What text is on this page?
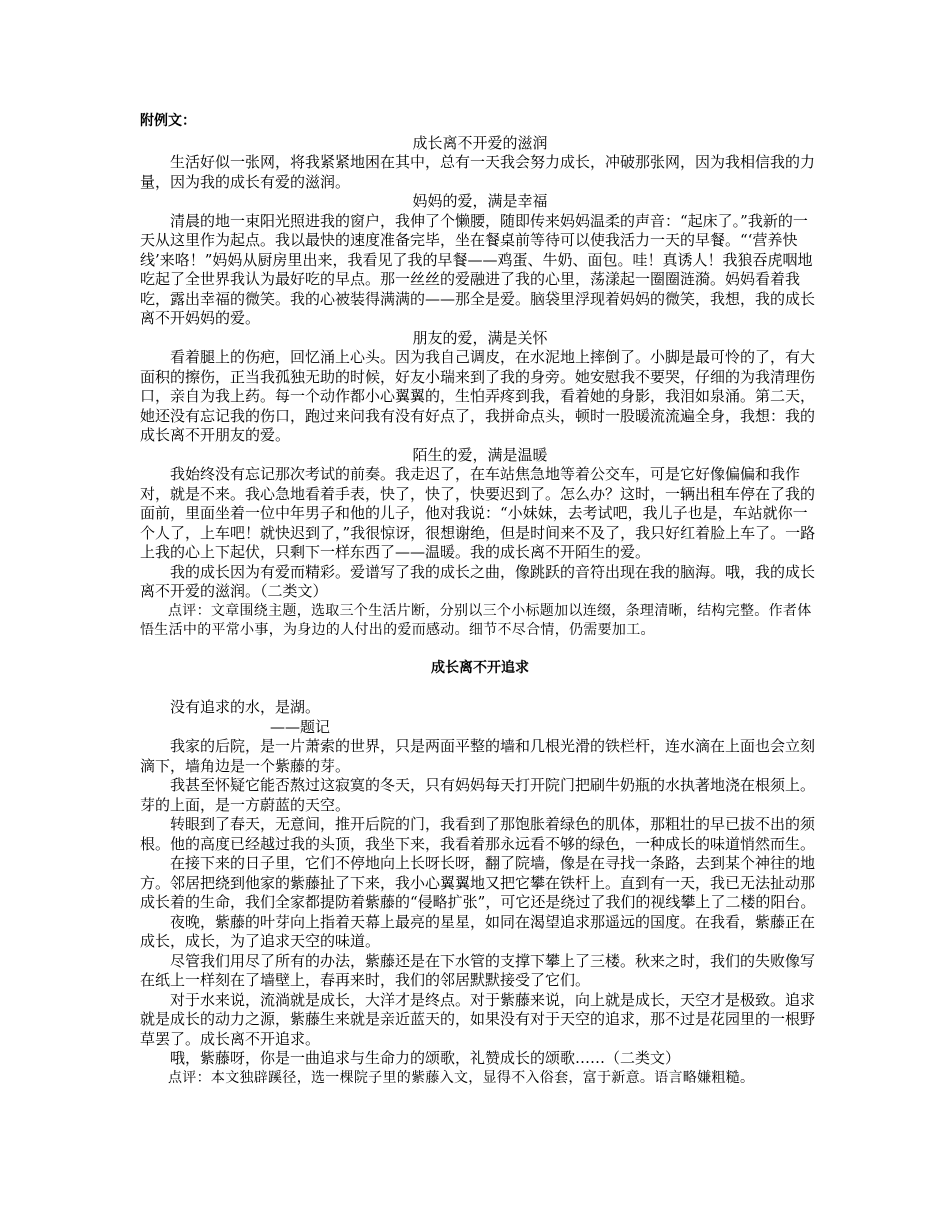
附例文：

成长离不开爱的滋润

生活好似一张网，将我紧紧地困在其中，总有一天我会努力成长，冲破那张网，因为我相信我的力量，因为我的成长有爱的滋润。

妈妈的爱，满是幸福

清晨的地一束阳光照进我的窗户，我伸了个懒腰，随即传来妈妈温柔的声音：“起床了。”我新的一天从这里作为起点。我以最快的速度准备完毕，坐在餐桌前等待可以使我活力一天的早餐。“‘营养快线’来咯！”妈妈从厨房里出来，我看见了我的早餐——鸡蛋、牛奶、面包。哇！真诱人！我狼吞虎咽地吃起了全世界我认为最好吃的早点。那一丝丝的爱融进了我的心里，荡漾起一圈圈涟漪。妈妈看着我吃，露出幸福的微笑。我的心被装得满满的——那全是爱。脑袋里浮现着妈妈的微笑，我想，我的成长离不开妈妈的爱。

朋友的爱，满是关怀

看着腿上的伤疤，回忆涌上心头。因为我自己调皮，在水泥地上摔倒了。小脚是最可怜的了，有大面积的擦伤，正当我孤独无助的时候，好友小瑞来到了我的身旁。她安慰我不要哭，仔细的为我清理伤口，亲自为我上药。每一个动作都小心翼翼的，生怕弄疼到我，看着她的身影，我泪如泉涌。第二天，她还没有忘记我的伤口，跑过来问我有没有好点了，我拼命点头，顿时一股暖流流遍全身，我想：我的成长离不开朋友的爱。

陌生的爱，满是温暖

我始终没有忘记那次考试的前奏。我走迟了，在车站焦急地等着公交车，可是它好像偏偏和我作对，就是不来。我心急地看着手表，快了，快了，快要迟到了。怎么办？这时，一辆出租车停在了我的面前，里面坐着一位中年男子和他的儿子，他对我说：“小妹妹，去考试吧，我儿子也是，车站就你一个人了，上车吧！就快迟到了，”我很惊讶，很想谢绝，但是时间来不及了，我只好红着脸上车了。一路上我的心上下起伏，只剩下一样东西了——温暖。我的成长离不开陌生的爱。

我的成长因为有爱而精彩。爱谱写了我的成长之曲，像跳跃的音符出现在我的脑海。哦，我的成长离不开爱的滋润。（二类文）

点评：文章围绕主题，选取三个生活片断，分别以三个小标题加以连缀，条理清晰，结构完整。作者体悟生活中的平常小事，为身边的人付出的爱而感动。细节不尽合情，仍需要加工。

成长离不开追求

没有追求的水，是湖。

——题记

我家的后院，是一片萧索的世界，只是两面平整的墙和几根光滑的铁栏杆，连水滴在上面也会立刻滴下，墙角边是一个紫藤的芽。

我甚至怀疑它能否熬过这寂寞的冬天，只有妈妈每天打开院门把刷牛奶瓶的水执著地浇在根须上。芽的上面，是一方蔚蓝的天空。

转眼到了春天，无意间，推开后院的门，我看到了那饱胀着绿色的肌体，那粗壮的早已拔不出的须根。他的高度已经越过我的头顶，我坐下来，我看着那永远看不够的绿色，一种成长的味道悄然而生。

在接下来的日子里，它们不停地向上长呀长呀，翻了院墙，像是在寻找一条路，去到某个神往的地方。邻居把绕到他家的紫藤扯了下来，我小心翼翼地又把它攀在铁杆上。直到有一天，我已无法扯动那成长着的生命，我们全家都提防着紫藤的“侵略扩张”，可它还是绕过了我们的视线攀上了二楼的阳台。

夜晚，紫藤的叶芽向上指着天幕上最亮的星星，如同在渴望追求那遥远的国度。在我看，紫藤正在成长，成长，为了追求天空的味道。

尽管我们用尽了所有的办法，紫藤还是在下水管的支撑下攀上了三楼。秋来之时，我们的失败像写在纸上一样刻在了墙壁上，春再来时，我们的邻居默默接受了它们。

对于水来说，流淌就是成长，大洋才是终点。对于紫藤来说，向上就是成长，天空才是极致。追求就是成长的动力之源，紫藤生来就是亲近蓝天的，如果没有对于天空的追求，那不过是花园里的一根野草罢了。成长离不开追求。

哦，紫藤呀，你是一曲追求与生命力的颂歌，礼赞成长的颂歌……（二类文）

点评：本文独辟蹊径，选一棵院子里的紫藤入文，显得不入俗套，富于新意。语言略嫌粗糙。
